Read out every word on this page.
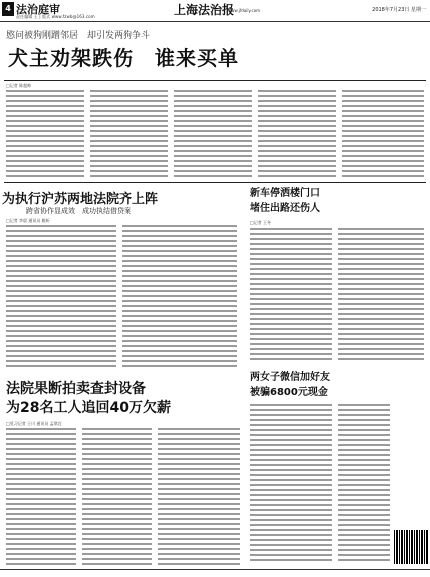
4 法治庭审
责任编辑 王 | 版式 www.fzwb@163.com	上海法治报
www.jfdaily.com	2018年7月23日 星期一
愍问被狗刚蹭邻居　却引发两狗争斗
犬主劝架跌伤　谁来买单
□记者 陈超帅
为执行沪苏两地法院齐上阵
跨省协作显成效　成功执结借贷案
□记者 李晨 通讯员 姚昕
新车停洒楼门口
堵住出路还伤人
□记者 王冬
两女子微信加好友
被骗6800元现金
法院果断拍卖查封设备
为28名工人追回40万欠薪
□见习记者 王川 通讯员 孟琪宜
